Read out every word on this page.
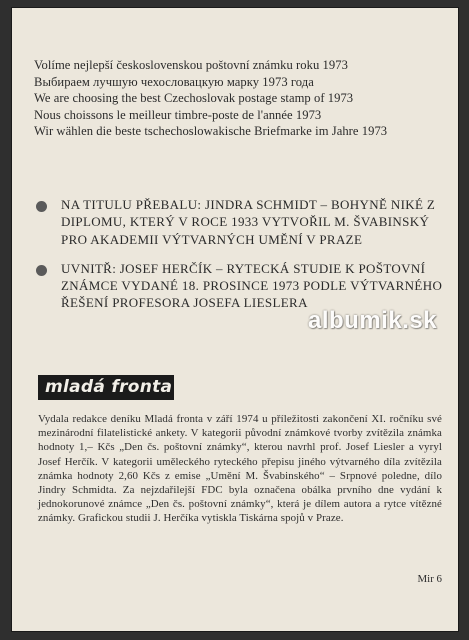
Volíme nejlepší československou poštovní známku roku 1973
Выбираем лучшую чехословацкую марку 1973 года
We are choosing the best Czechoslovak postage stamp of 1973
Nous choissons le meilleur timbre-poste de l'année 1973
Wir wählen die beste tschechoslowakische Briefmarke im Jahre 1973
NA TITULU PŘEBALU: JINDRA SCHMIDT – BOHYNĚ NIKÉ Z DIPLOMU, KTERÝ V ROCE 1933 VYTVOŘIL M. ŠVABINSKÝ PRO AKADEMII VÝTVARNÝCH UMĚNÍ V PRAZE
UVNITŘ: JOSEF HERČÍK – RYTECKÁ STUDIE K POŠTOVNÍ ZNÁMCE VYDANÉ 18. PROSINCE 1973 PODLE VÝTVARNÉHO ŘEŠENÍ PROFESORA JOSEFA LIESLERA
mladá fronta
Vydala redakce deníku Mladá fronta v září 1974 u příležitosti zakončení XI. ročníku své mezinárodní filatelistické ankety. V kategorii původní známkové tvorby zvítězila známka hodnoty 1,– Kčs „Den čs. poštovní známky“, kterou navrhl prof. Josef Liesler a vyryl Josef Herčík. V kategorii uměleckého ryteckého přepisu jiného výtvarného díla zvítězila známka hodnoty 2,60 Kčs z emise „Umění M. Švabinského“ – Srpnové poledne, dílo Jindry Schmidta. Za nejzdařilejší FDC byla označena obálka prvního dne vydání k jednokorunové známce „Den čs. poštovní známky“, která je dílem autora a rytce vítězné známky. Grafickou studii J. Herčíka vytiskla Tiskárna spojů v Praze.
Mir 6
albumik.sk
